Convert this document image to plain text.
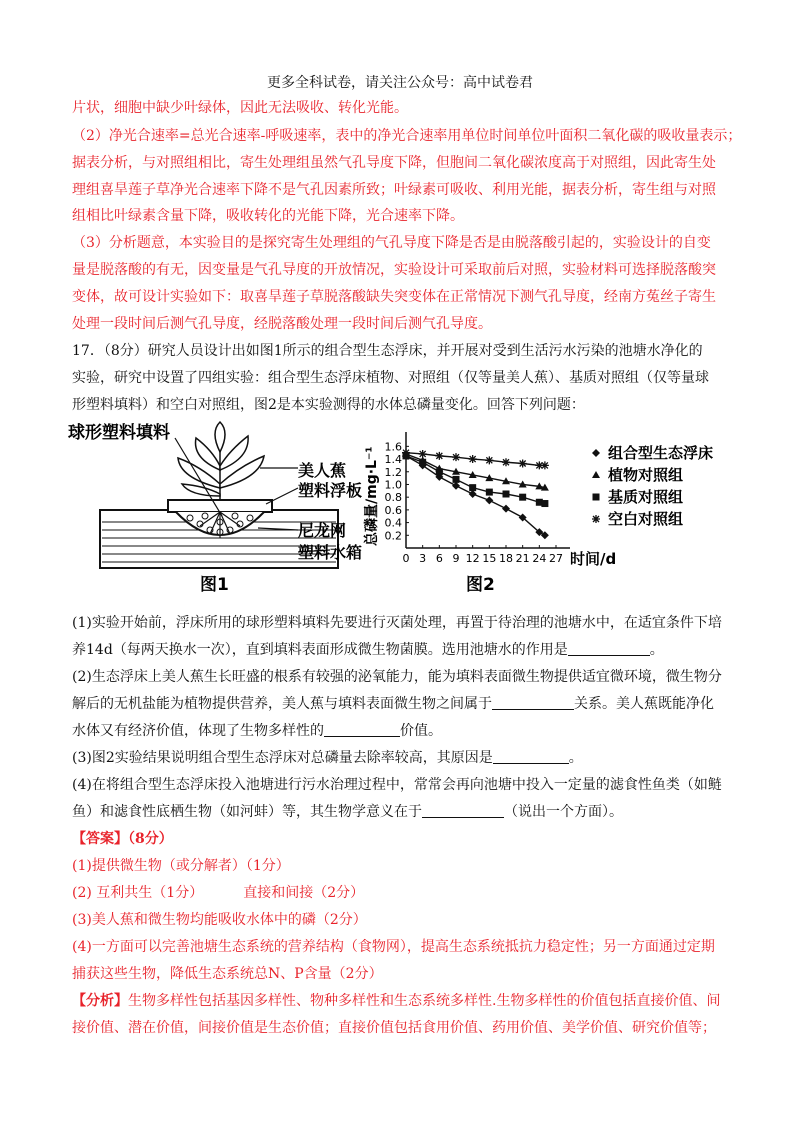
更多全科试卷，请关注公众号：高中试卷君
片状，细胞中缺少叶绿体，因此无法吸收、转化光能。
（2）净光合速率=总光合速率-呼吸速率，表中的净光合速率用单位时间单位叶面积二氧化碳的吸收量表示；
据表分析，与对照组相比，寄生处理组虽然气孔导度下降，但胞间二氧化碳浓度高于对照组，因此寄生处
理组喜旱莲子草净光合速率下降不是气孔因素所致；叶绿素可吸收、利用光能，据表分析，寄生组与对照
组相比叶绿素含量下降，吸收转化的光能下降，光合速率下降。
（3）分析题意，本实验目的是探究寄生处理组的气孔导度下降是否是由脱落酸引起的，实验设计的自变
量是脱落酸的有无，因变量是气孔导度的开放情况，实验设计可采取前后对照，实验材料可选择脱落酸突
变体，故可设计实验如下：取喜旱莲子草脱落酸缺失突变体在正常情况下测气孔导度，经南方菟丝子寄生
处理一段时间后测气孔导度，经脱落酸处理一段时间后测气孔导度。
17．（8分）研究人员设计出如图1所示的组合型生态浮床，并开展对受到生活污水污染的池塘水净化的
实验，研究中设置了四组实验：组合型生态浮床植物、对照组（仅等量美人蕉）、基质对照组（仅等量球
形塑料填料）和空白对照组，图2是本实验测得的水体总磷量变化。回答下列问题：
球形塑料填料
美人蕉
塑料浮板
尼龙网
塑料水箱
图1
0.2
0.4
0.6
0.8
1.0
1.2
1.4
1.6
0 3 6 9 12 15 18 21 24 27 时间/d
总磷量/mg·L⁻¹
图2
组合型生态浮床
植物对照组
基质对照组
空白对照组
(1)实验开始前，浮床所用的球形塑料填料先要进行灭菌处理，再置于待治理的池塘水中，在适宜条件下培
养14d（每两天换水一次），直到填料表面形成微生物菌膜。选用池塘水的作用是	。
(2)生态浮床上美人蕉生长旺盛的根系有较强的泌氧能力，能为填料表面微生物提供适宜微环境，微生物分
解后的无机盐能为植物提供营养，美人蕉与填料表面微生物之间属于	关系。美人蕉既能净化
水体又有经济价值，体现了生物多样性的	价值。
(3)图2实验结果说明组合型生态浮床对总磷量去除率较高，其原因是	。
(4)在将组合型生态浮床投入池塘进行污水治理过程中，常常会再向池塘中投入一定量的滤食性鱼类（如鲢
鱼）和滤食性底栖生物（如河蚌）等，其生物学意义在于	（说出一个方面）。
【答案】（8分）
(1)提供微生物（或分解者）（1分）
(2) 互利共生（1分）	直接和间接（2分）
(3)美人蕉和微生物均能吸收水体中的磷（2分）
(4)一方面可以完善池塘生态系统的营养结构（食物网），提高生态系统抵抗力稳定性；另一方面通过定期
捕获这些生物，降低生态系统总N、P含量（2分）
【分析】生物多样性包括基因多样性、物种多样性和生态系统多样性.生物多样性的价值包括直接价值、间
接价值、潜在价值，间接价值是生态价值；直接价值包括食用价值、药用价值、美学价值、研究价值等；
